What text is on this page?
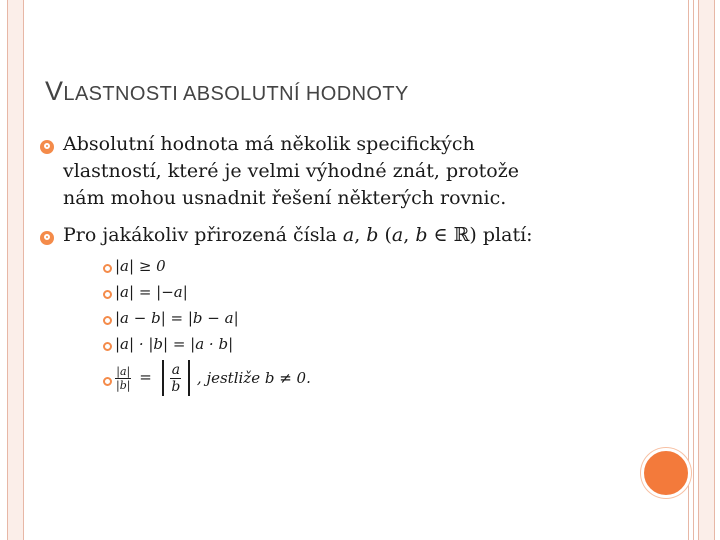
VLASTNOSTI ABSOLUTNÍ HODNOTY
Absolutní hodnota má několik specifických
vlastností, které je velmi výhodné znát, protože
nám mohou usnadnit řešení některých rovnic.
Pro jakákoliv přirozená čísla 𝑎, 𝑏 (𝑎, 𝑏 ∈ ℝ) platí:
|𝑎| ≥ 0
|𝑎| = |−𝑎|
|𝑎 − 𝑏| = |𝑏 − 𝑎|
|𝑎| · |𝑏| = |𝑎 · 𝑏|
$\frac{\text{|𝑎|}}{\text{|𝑏|}} = \frac{\text{𝑎}}{\text{𝑏}}$ , 𝑗𝑒𝑠𝑡𝑙𝑖ž𝑒 𝑏 ≠ 0.
